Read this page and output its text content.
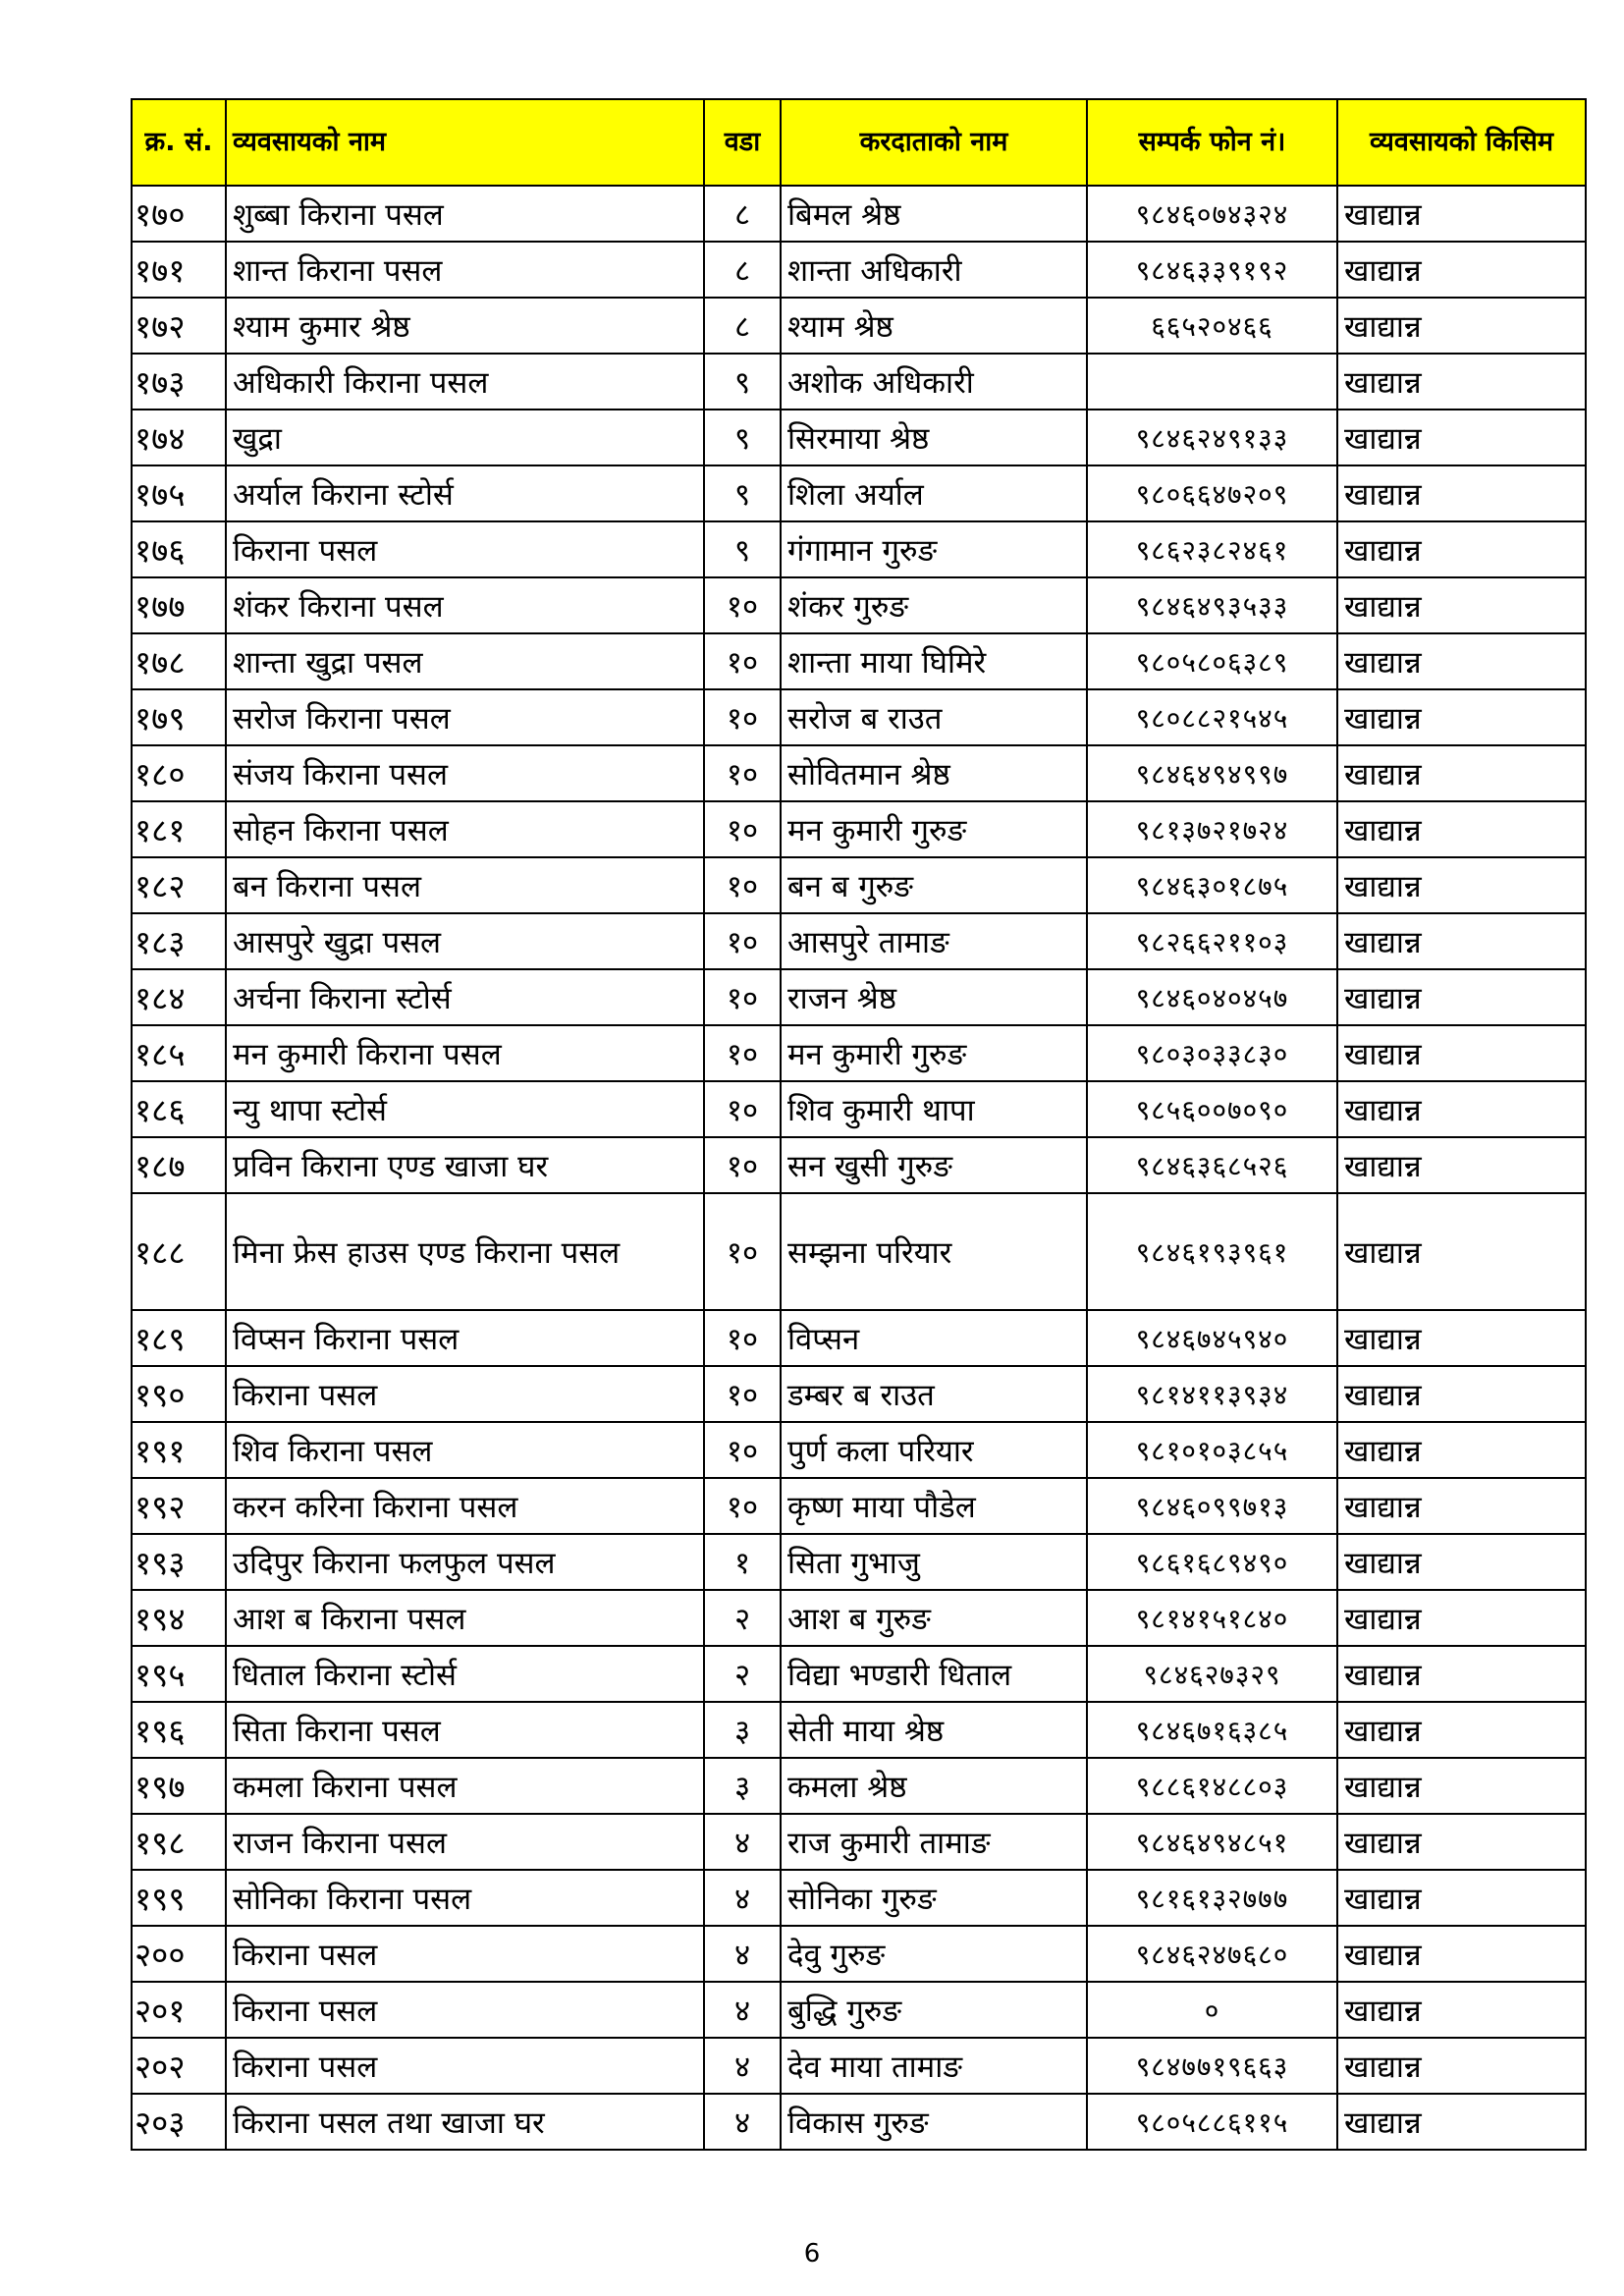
क्र. सं.	व्यवसायको नाम	वडा	करदाताको नाम	सम्पर्क फोन नं।	व्यवसायको किसिम
१७०	शुब्बा किराना पसल	८	बिमल श्रेष्ठ	९८४६०७४३२४	खाद्यान्न
१७१	शान्त किराना पसल	८	शान्ता अधिकारी	९८४६३३९१९२	खाद्यान्न
१७२	श्याम कुमार श्रेष्ठ	८	श्याम श्रेष्ठ	६६५२०४६६	खाद्यान्न
१७३	अधिकारी किराना पसल	९	अशोक अधिकारी		खाद्यान्न
१७४	खुद्रा	९	सिरमाया श्रेष्ठ	९८४६२४९१३३	खाद्यान्न
१७५	अर्याल किराना स्टोर्स	९	शिला अर्याल	९८०६६४७२०९	खाद्यान्न
१७६	किराना पसल	९	गंगामान गुरुङ	९८६२३८२४६१	खाद्यान्न
१७७	शंकर किराना पसल	१०	शंकर गुरुङ	९८४६४९३५३३	खाद्यान्न
१७८	शान्ता खुद्रा पसल	१०	शान्ता माया घिमिरे	९८०५८०६३८९	खाद्यान्न
१७९	सरोज किराना पसल	१०	सरोज ब राउत	९८०८८२१५४५	खाद्यान्न
१८०	संजय किराना पसल	१०	सोवितमान श्रेष्ठ	९८४६४९४९९७	खाद्यान्न
१८१	सोहन किराना पसल	१०	मन कुमारी गुरुङ	९८१३७२१७२४	खाद्यान्न
१८२	बन किराना पसल	१०	बन ब गुरुङ	९८४६३०१८७५	खाद्यान्न
१८३	आसपुरे खुद्रा पसल	१०	आसपुरे तामाङ	९८२६६२११०३	खाद्यान्न
१८४	अर्चना किराना स्टोर्स	१०	राजन श्रेष्ठ	९८४६०४०४५७	खाद्यान्न
१८५	मन कुमारी किराना पसल	१०	मन कुमारी गुरुङ	९८०३०३३८३०	खाद्यान्न
१८६	न्यु थापा स्टोर्स	१०	शिव कुमारी थापा	९८५६००७०९०	खाद्यान्न
१८७	प्रविन किराना एण्ड खाजा घर	१०	सन खुसी गुरुङ	९८४६३६८५२६	खाद्यान्न
१८८	मिना फ्रेस हाउस एण्ड किराना पसल	१०	सम्झना परियार	९८४६१९३९६१	खाद्यान्न
१८९	विप्सन किराना पसल	१०	विप्सन	९८४६७४५९४०	खाद्यान्न
१९०	किराना पसल	१०	डम्बर ब राउत	९८१४११३९३४	खाद्यान्न
१९१	शिव किराना पसल	१०	पुर्ण कला परियार	९८१०१०३८५५	खाद्यान्न
१९२	करन करिना किराना पसल	१०	कृष्ण माया पौडेल	९८४६०९९७१३	खाद्यान्न
१९३	उदिपुर किराना फलफुल पसल	१	सिता गुभाजु	९८६१६८९४९०	खाद्यान्न
१९४	आश ब किराना पसल	२	आश ब गुरुङ	९८१४१५१८४०	खाद्यान्न
१९५	धिताल किराना स्टोर्स	२	विद्या भण्डारी धिताल	९८४६२७३२९	खाद्यान्न
१९६	सिता किराना पसल	३	सेती माया श्रेष्ठ	९८४६७१६३८५	खाद्यान्न
१९७	कमला किराना पसल	३	कमला श्रेष्ठ	९८८६१४८८०३	खाद्यान्न
१९८	राजन किराना पसल	४	राज कुमारी तामाङ	९८४६४९४८५१	खाद्यान्न
१९९	सोनिका किराना पसल	४	सोनिका गुरुङ	९८१६१३२७७७	खाद्यान्न
२००	किराना पसल	४	देवु गुरुङ	९८४६२४७६८०	खाद्यान्न
२०१	किराना पसल	४	बुद्धि गुरुङ	०	खाद्यान्न
२०२	किराना पसल	४	देव माया तामाङ	९८४७७१९६६३	खाद्यान्न
२०३	किराना पसल तथा खाजा घर	४	विकास गुरुङ	९८०५८८६११५	खाद्यान्न
6
